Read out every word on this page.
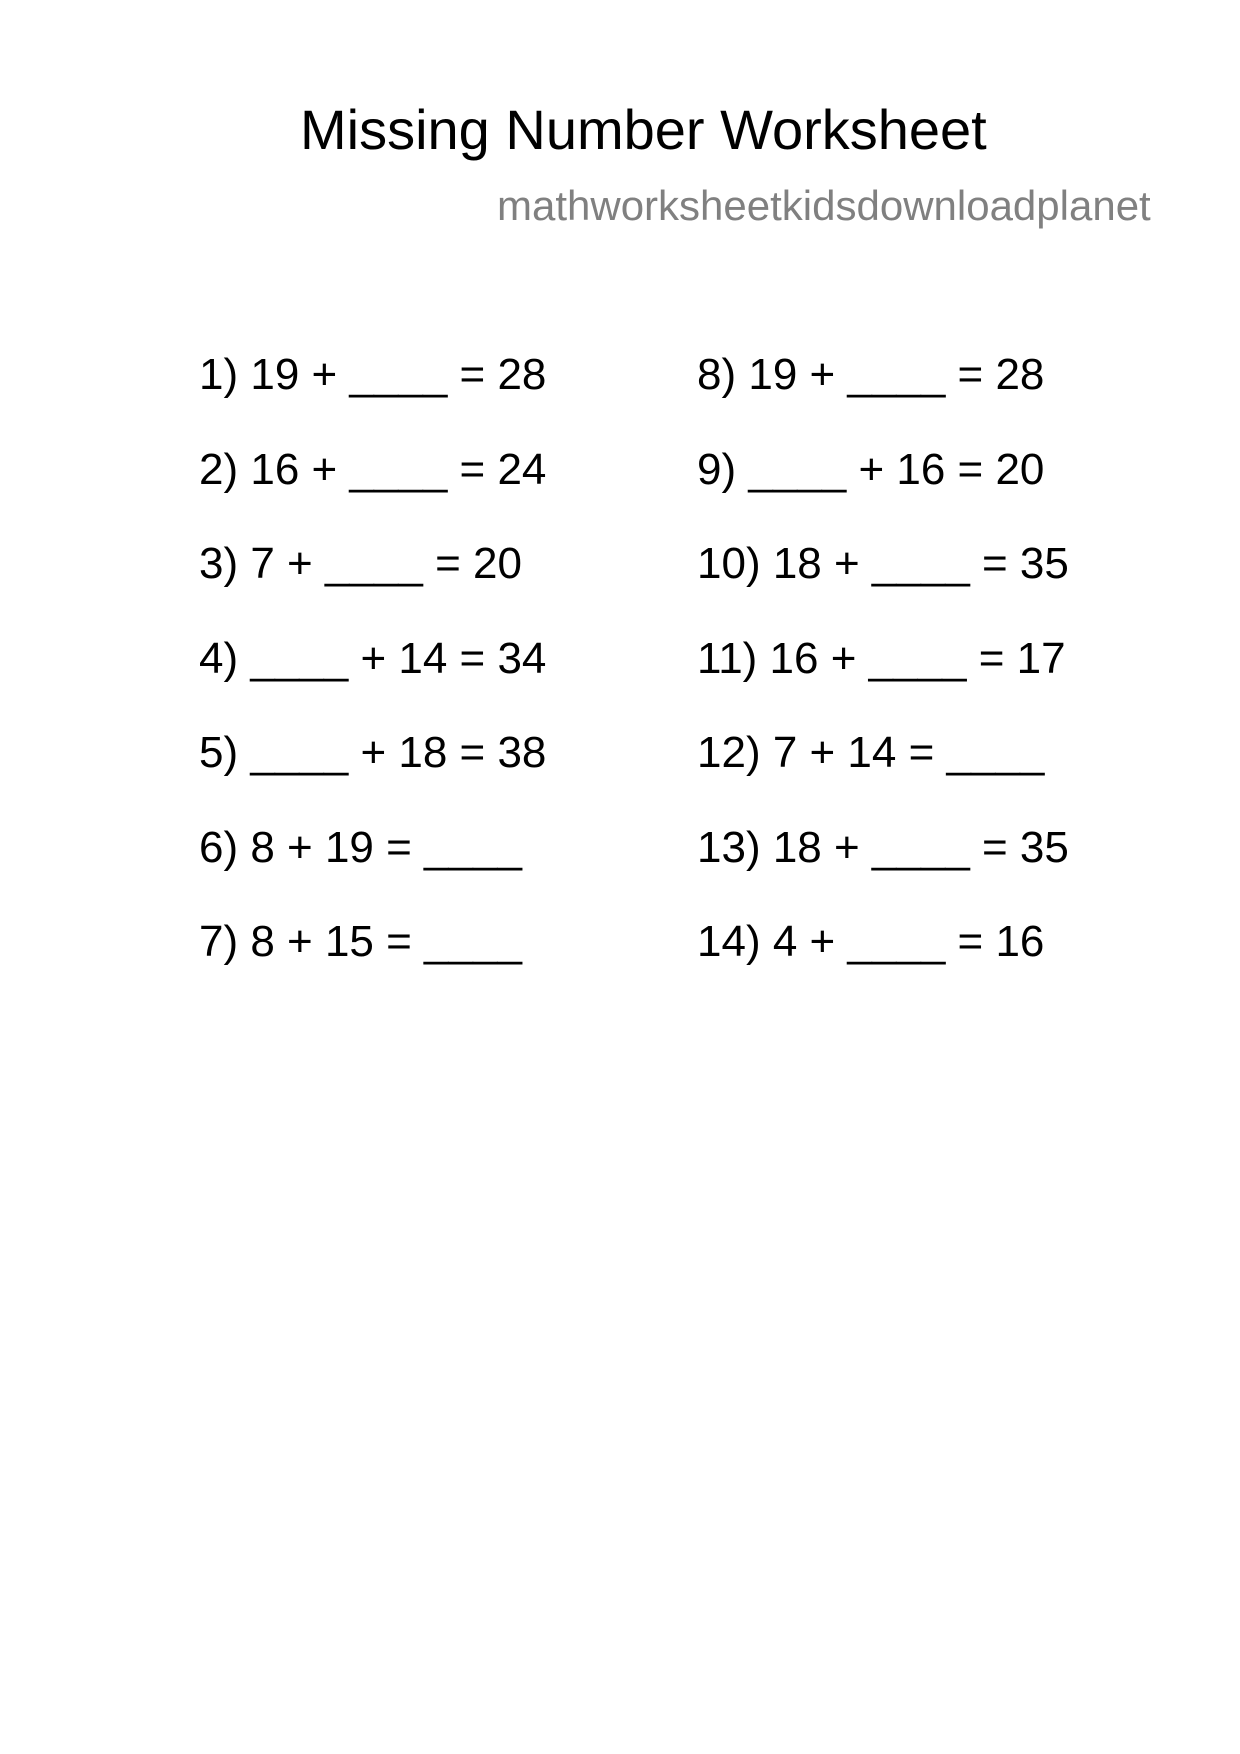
Missing Number Worksheet
mathworksheetkidsdownloadplanet
1) 19 + ____ = 28
2) 16 + ____ = 24
3) 7 + ____ = 20
4) ____ + 14 = 34
5) ____ + 18 = 38
6) 8 + 19 = ____
7) 8 + 15 = ____
8) 19 + ____ = 28
9) ____ + 16 = 20
10) 18 + ____ = 35
11) 16 + ____ = 17
12) 7 + 14 = ____
13) 18 + ____ = 35
14) 4 + ____ = 16
